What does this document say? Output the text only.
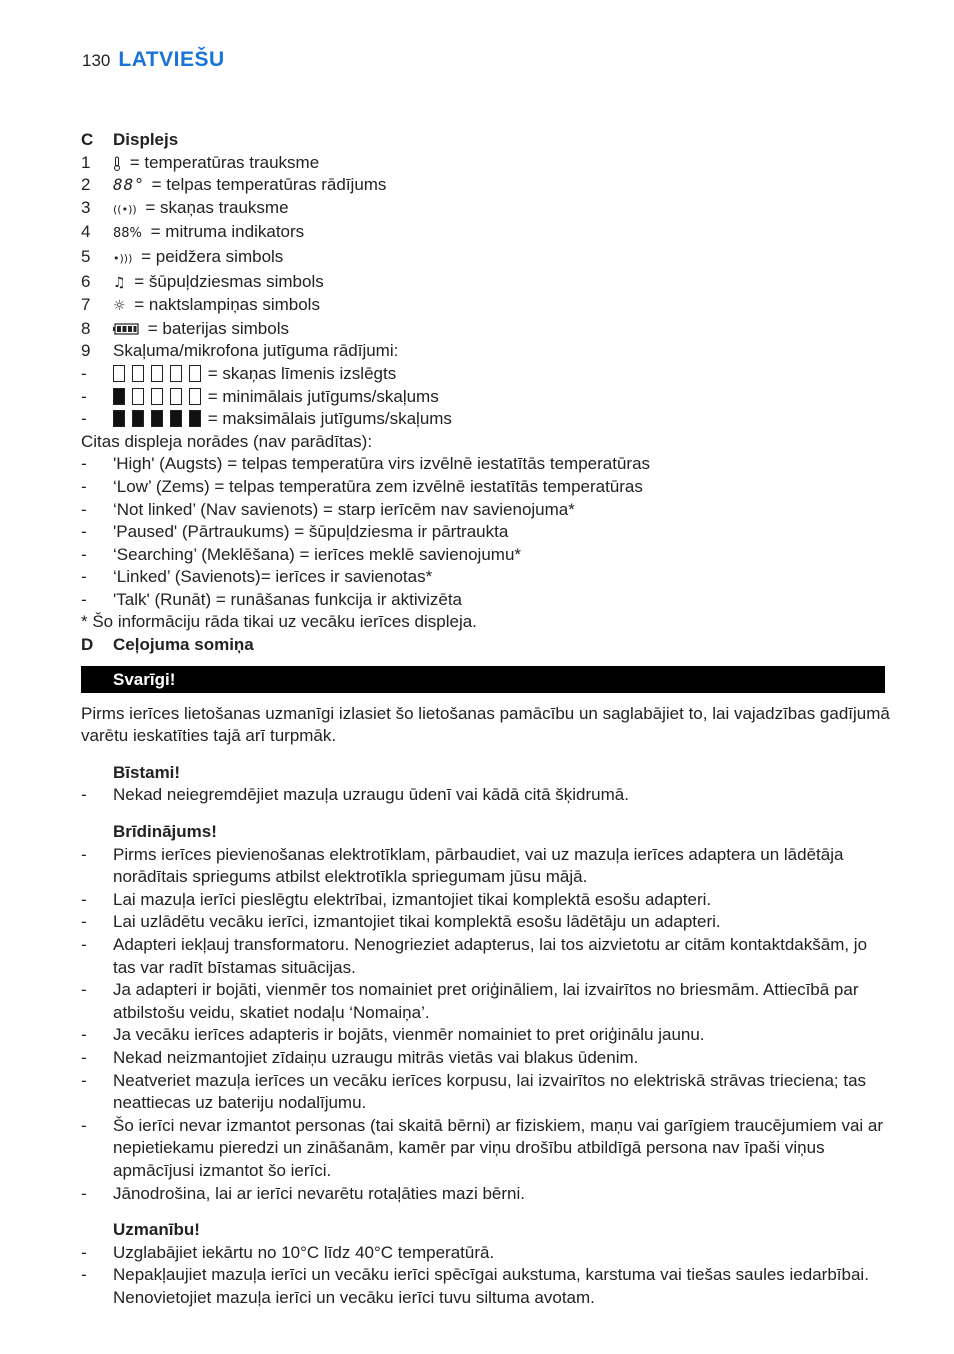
130 LATVIEŠU
C	Displejs
1	= temperatūras trauksme
2	88° = telpas temperatūras rādījums
3	((•)) = skaņas trauksme
4	88% = mitruma indikators
5	•))) = peidžera simbols
6	♫ = šūpuļdziesmas simbols
7	☼ = naktslampiņas simbols
8	= baterijas simbols
9	Skaļuma/mikrofona jutīguma rādījumi:
-	= skaņas līmenis izslēgts
-	= minimālais jutīgums/skaļums
-	= maksimālais jutīgums/skaļums
Citas displeja norādes (nav parādītas):
-	'High' (Augsts) = telpas temperatūra virs izvēlnē iestatītās temperatūras
-	‘Low’ (Zems) = telpas temperatūra zem izvēlnē iestatītās temperatūras
-	‘Not linked’ (Nav savienots) = starp ierīcēm nav savienojuma*
-	'Paused' (Pārtraukums) = šūpuļdziesma ir pārtraukta
-	‘Searching’ (Meklēšana) = ierīces meklē savienojumu*
-	‘Linked’ (Savienots)= ierīces ir savienotas*
-	'Talk' (Runāt) = runāšanas funkcija ir aktivizēta
* Šo informāciju rāda tikai uz vecāku ierīces displeja.
D	Ceļojuma somiņa
Svarīgi!
Pirms ierīces lietošanas uzmanīgi izlasiet šo lietošanas pamācību un saglabājiet to, lai vajadzības gadījumā varētu ieskatīties tajā arī turpmāk.
Bīstami!
-	Nekad neiegremdējiet mazuļa uzraugu ūdenī vai kādā citā šķidrumā.
Brīdinājums!
-	Pirms ierīces pievienošanas elektrotīklam, pārbaudiet, vai uz mazuļa ierīces adaptera un lādētāja norādītais spriegums atbilst elektrotīkla spriegumam jūsu mājā.
-	Lai mazuļa ierīci pieslēgtu elektrībai, izmantojiet tikai komplektā esošu adapteri.
-	Lai uzlādētu vecāku ierīci, izmantojiet tikai komplektā esošu lādētāju un adapteri.
-	Adapteri iekļauj transformatoru. Nenogrieziet adapterus, lai tos aizvietotu ar citām kontaktdakšām, jo tas var radīt bīstamas situācijas.
-	Ja adapteri ir bojāti, vienmēr tos nomainiet pret oriģināliem, lai izvairītos no briesmām. Attiecībā par atbilstošu veidu, skatiet nodaļu ‘Nomaiņa’.
-	Ja vecāku ierīces adapteris ir bojāts, vienmēr nomainiet to pret oriģinālu jaunu.
-	Nekad neizmantojiet zīdaiņu uzraugu mitrās vietās vai blakus ūdenim.
-	Neatveriet mazuļa ierīces un vecāku ierīces korpusu, lai izvairītos no elektriskā strāvas trieciena; tas neattiecas uz bateriju nodalījumu.
-	Šo ierīci nevar izmantot personas (tai skaitā bērni) ar fiziskiem, maņu vai garīgiem traucējumiem vai ar nepietiekamu pieredzi un zināšanām, kamēr par viņu drošību atbildīgā persona nav īpaši viņus apmācījusi izmantot šo ierīci.
-	Jānodrošina, lai ar ierīci nevarētu rotaļāties mazi bērni.
Uzmanību!
-	Uzglabājiet iekārtu no 10°C līdz 40°C temperatūrā.
-	Nepakļaujiet mazuļa ierīci un vecāku ierīci spēcīgai aukstuma, karstuma vai tiešas saules iedarbībai. Nenovietojiet mazuļa ierīci un vecāku ierīci tuvu siltuma avotam.
